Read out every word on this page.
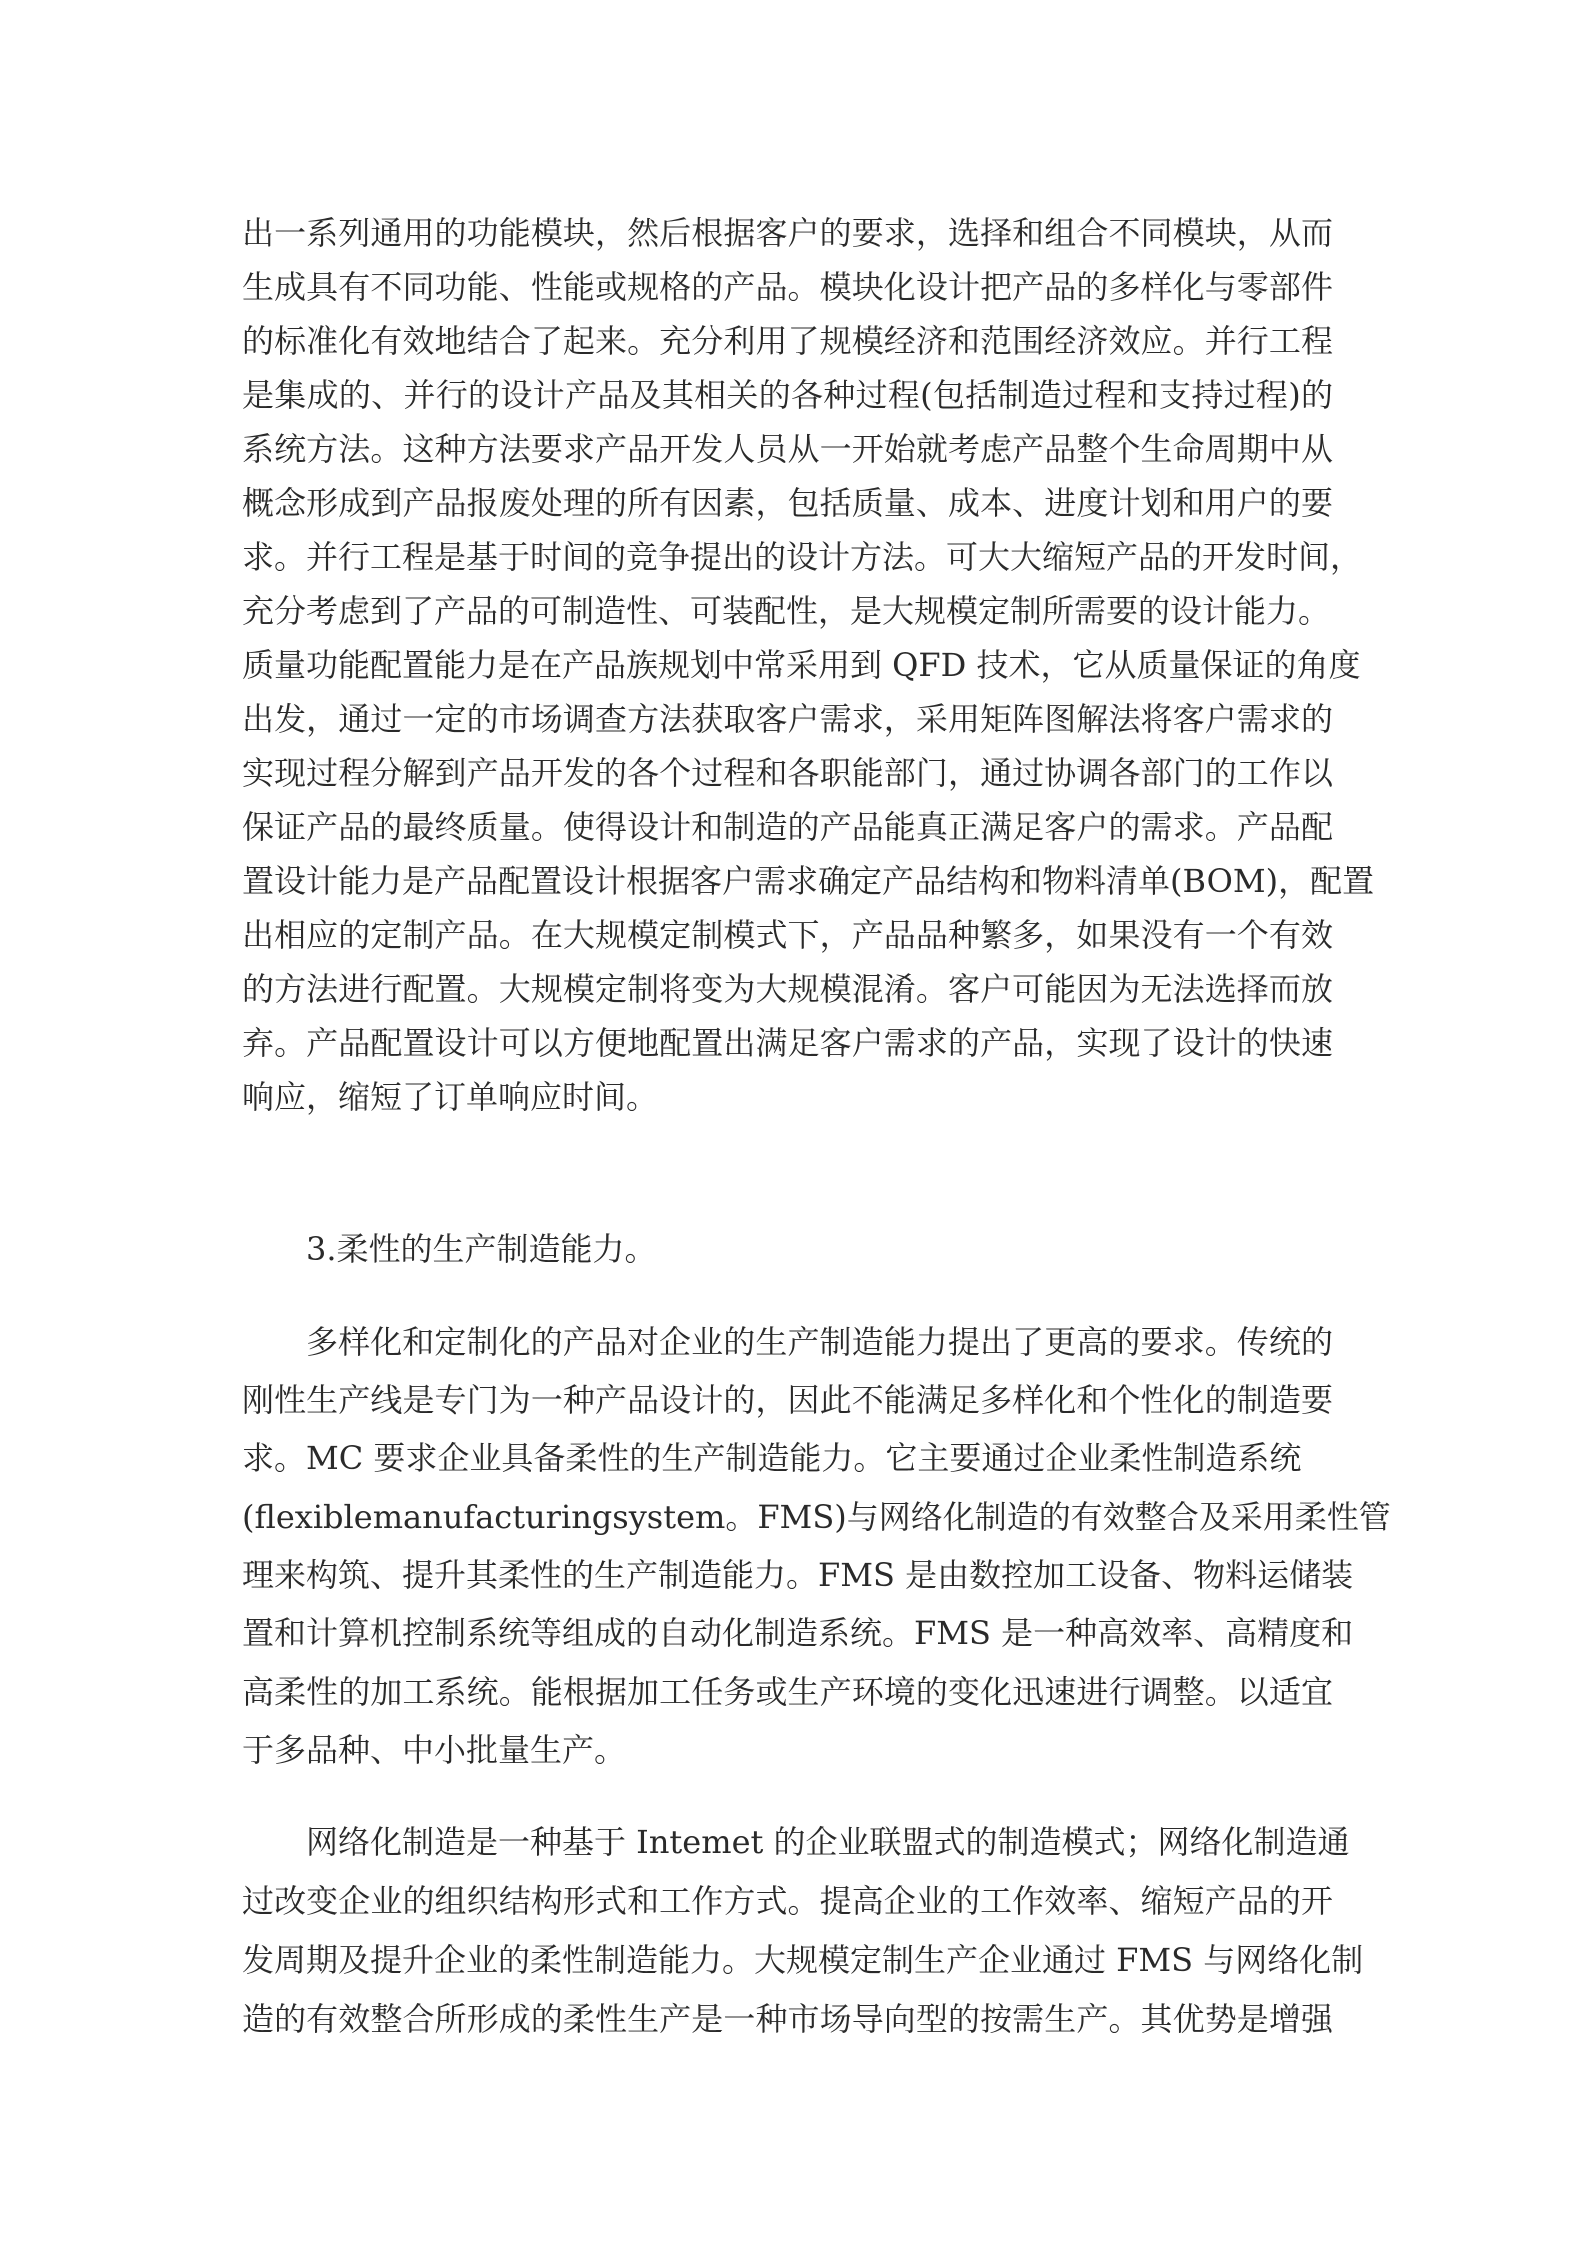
出一系列通用的功能模块，然后根据客户的要求，选择和组合不同模块，从而
生成具有不同功能、性能或规格的产品。模块化设计把产品的多样化与零部件
的标准化有效地结合了起来。充分利用了规模经济和范围经济效应。并行工程
是集成的、并行的设计产品及其相关的各种过程(包括制造过程和支持过程)的
系统方法。这种方法要求产品开发人员从一开始就考虑产品整个生命周期中从
概念形成到产品报废处理的所有因素，包括质量、成本、进度计划和用户的要
求。并行工程是基于时间的竞争提出的设计方法。可大大缩短产品的开发时间，
充分考虑到了产品的可制造性、可装配性，是大规模定制所需要的设计能力。
质量功能配置能力是在产品族规划中常采用到 QFD 技术，它从质量保证的角度
出发，通过一定的市场调查方法获取客户需求，采用矩阵图解法将客户需求的
实现过程分解到产品开发的各个过程和各职能部门，通过协调各部门的工作以
保证产品的最终质量。使得设计和制造的产品能真正满足客户的需求。产品配
置设计能力是产品配置设计根据客户需求确定产品结构和物料清单(BOM)，配置
出相应的定制产品。在大规模定制模式下，产品品种繁多，如果没有一个有效
的方法进行配置。大规模定制将变为大规模混淆。客户可能因为无法选择而放
弃。产品配置设计可以方便地配置出满足客户需求的产品，实现了设计的快速
响应，缩短了订单响应时间。
3.柔性的生产制造能力。
多样化和定制化的产品对企业的生产制造能力提出了更高的要求。传统的
刚性生产线是专门为一种产品设计的，因此不能满足多样化和个性化的制造要
求。MC 要求企业具备柔性的生产制造能力。它主要通过企业柔性制造系统
(flexiblemanufacturingsystem。FMS)与网络化制造的有效整合及采用柔性管
理来构筑、提升其柔性的生产制造能力。FMS 是由数控加工设备、物料运储装
置和计算机控制系统等组成的自动化制造系统。FMS 是一种高效率、高精度和
高柔性的加工系统。能根据加工任务或生产环境的变化迅速进行调整。以适宜
于多品种、中小批量生产。
网络化制造是一种基于 Intemet 的企业联盟式的制造模式；网络化制造通
过改变企业的组织结构形式和工作方式。提高企业的工作效率、缩短产品的开
发周期及提升企业的柔性制造能力。大规模定制生产企业通过 FMS 与网络化制
造的有效整合所形成的柔性生产是一种市场导向型的按需生产。其优势是增强
